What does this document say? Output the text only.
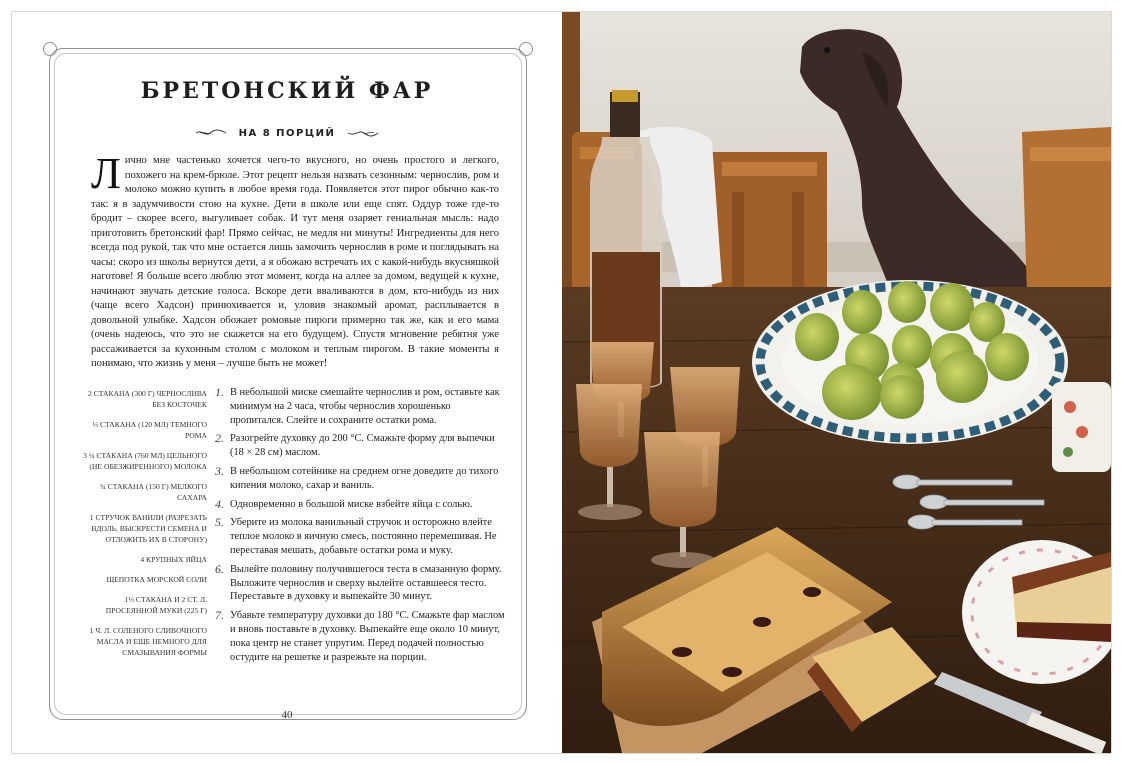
БРЕТОНСКИЙ ФАР
НА 8 ПОРЦИЙ
Л ично мне частенько хочется чего-то вкусного, но очень простого и легкого, похожего на крем-брюле. Этот рецепт нельзя назвать сезонным: чернослив, ром и молоко можно купить в любое время года. Появляется этот пирог обычно как-то так: я в задумчивости стою на кухне. Дети в школе или еще спят. Оддур тоже где-то бродит – скорее всего, выгуливает собак. И тут меня озаряет гениальная мысль: надо приготовить бретонский фар! Прямо сейчас, не медля ни минуты! Ингредиенты для него всегда под рукой, так что мне остается лишь замочить чернослив в роме и поглядывать на часы: скоро из школы вернутся дети, а я обожаю встречать их с какой-нибудь вкусняшкой наготове! Я больше всего люблю этот момент, когда на аллее за домом, ведущей к кухне, начинают звучать детские голоса. Вскоре дети вваливаются в дом, кто-нибудь из них (чаще всего Хадсон) принюхивается и, уловив знакомый аромат, расплывается в довольной улыбке. Хадсон обожает ромовые пироги примерно так же, как и его мама (очень надеюсь, что это не скажется на его будущем). Спустя мгновение ребятня уже рассаживается за кухонным столом с молоком и теплым пирогом. В такие моменты я понимаю, что жизнь у меня – лучше быть не может!
2 СТАКАНА (300 Г) ЧЕРНОСЛИВА БЕЗ КОСТОЧЕК
⅓ СТАКАНА (120 МЛ) ТЕМНОГО РОМА
3 ¼ СТАКАНА (760 МЛ) ЦЕЛЬНОГО (НЕ ОБЕЗЖИРЕННОГО) МОЛОКА
¾ СТАКАНА (150 Г) МЕЛКОГО САХАРА
1 СТРУЧОК ВАНИЛИ (РАЗРЕЗАТЬ ВДОЛЬ, ВЫСКРЕСТИ СЕМЕНА И ОТЛОЖИТЬ ИХ В СТОРОНУ)
4 КРУПНЫХ ЯЙЦА
ЩЕПОТКА МОРСКОЙ СОЛИ
1⅓ СТАКАНА И 2 СТ. Л. ПРОСЕЯННОЙ МУКИ (225 Г)
1 Ч. Л. СОЛЕНОГО СЛИВОЧНОГО МАСЛА И ЕЩЕ НЕМНОГО ДЛЯ СМАЗЫВАНИЯ ФОРМЫ
1. В небольшой миске смешайте чернослив и ром, оставьте как минимум на 2 часа, чтобы чернослив хорошенько пропитался. Слейте и сохраните остатки рома.
2. Разогрейте духовку до 200 °C. Смажьте форму для выпечки (18 × 28 см) маслом.
3. В небольшом сотейнике на среднем огне доведите до тихого кипения молоко, сахар и ваниль.
4. Одновременно в большой миске взбейте яйца с солью.
5. Уберите из молока ванильный стручок и осторожно влейте теплое молоко в яичную смесь, постоянно перемешивая. Не переставая мешать, добавьте остатки рома и муку.
6. Вылейте половину получившегося теста в смазанную форму. Выложите чернослив и сверху вылейте оставшееся тесто. Переставьте в духовку и выпекайте 30 минут.
7. Убавьте температуру духовки до 180 °C. Смажьте фар маслом и вновь поставьте в духовку. Выпекайте еще около 10 минут, пока центр не станет упругим. Перед подачей полностью остудите на решетке и разрежьте на порции.
40
